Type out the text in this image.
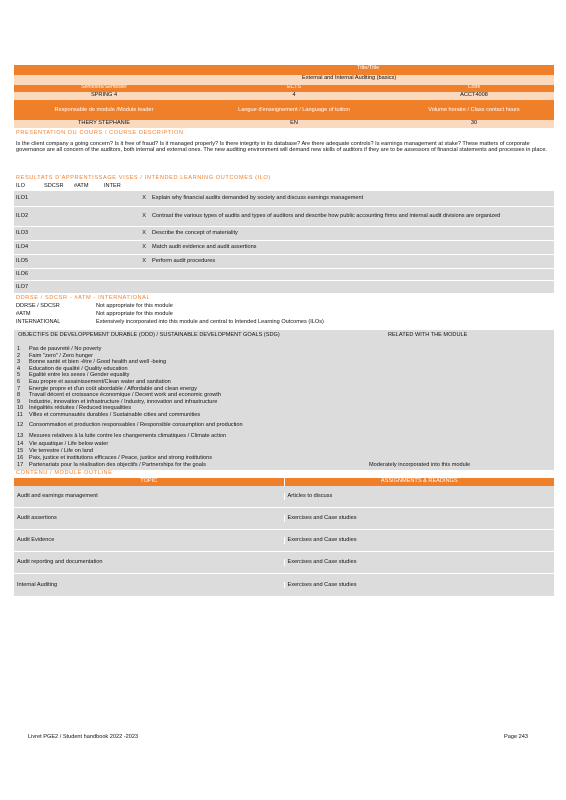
Title/Title
External and Internal Auditing (basics)
Semestre/Semester	ECTS	Code
SPRING 4	4	ACCT4008
Responsable de module /Module leader	Langue d'enseignement / Language of tuition	Volume horaire / Class contact hours
THERY STEPHANIE	EN	30
PRESENTATION DU COURS / COURSE DESCRIPTION
Is the client company a going concern? Is it free of fraud? Is it managed properly? Is there integrity in its database? Are there adequate controls? Is earnings management at stake? These matters of corporate governance are all concern of the auditors, both internal and external ones. The new auditing environment will demand new skills of auditors if they are to be assessors of financial statements and processes in place.
RESULTATS D'APPRENTISSAGE VISES / INTENDED LEARNING OUTCOMES (ILO)
ILO	SDCSR	#ATM	INTER
ILO1	X	Explain why financial audits demanded by society and discuss earnings management
ILO2	X	Contrast the various types of audits and types of auditors and describe how public accounting firms and internal audit divisions are organized
ILO3	X	Describe the concept of materiality
ILO4	X	Match audit evidence and audit assertions
ILO5	X	Perform audit procedures
ILO6
ILO7
DDRSE / SDCSR - #ATM - INTERNATIONAL
DDRSE / SDCSR	Not appropriate for this module
#ATM	Not appropriate for this module
INTERNATIONAL	Extensively incorporated into this module and central to Intended Learning Outcomes (ILOs)
OBJECTIFS DE DEVELOPPEMENT DURABLE (ODD) / SUSTAINABLE DEVELOPMENT GOALS (SDG)	RELATED WITH THE MODULE
1	Pas de pauvreté / No poverty
2	Faim "zero" / Zero hunger
3	Bonne santé et bien -être / Good health and well -being
4	Education de qualité / Quality education
5	Egalité entre les sexes / Gender equality
6	Eau propre et assainissement/Clean water and sanitation
7	Energie propre et d'un coût abordable / Affordable and clean energy
8	Travail décent et croissance économique / Decent work and economic growth
9	Industrie, innovation et infrastructure / Industry, innovation and infrastructure
10	Inégalités réduites / Reduced inequalities
11	Villes et communautés durables / Sustainable cities and communities
12	Consommation et production responsables / Responsible consumption and production
13	Mesures relatives à la lutte contre les changements climatiques / Climate action
14	Vie aquatique / Life below water
15	Vie terrestre / Life on land
16	Paix, justice et institutions efficaces / Peace, justice and strong institutions
17	Partenariats pour la réalisation des objectifs / Partnerships for the goals	Moderately incorporated into this module
CONTENU / MODULE OUTLINE
TOPIC	ASSIGNMENTS & READINGS
Audit and earnings management	Articles to discuss
Audit assertions	Exercises and Case studies
Audit Evidence	Exercises and Case studies
Audit reporting and documentation	Exercises and Case studies
Internal Auditing	Exercises and Case studies
Livret PGE2 / Student handbook 2022 -2023	Page 243
